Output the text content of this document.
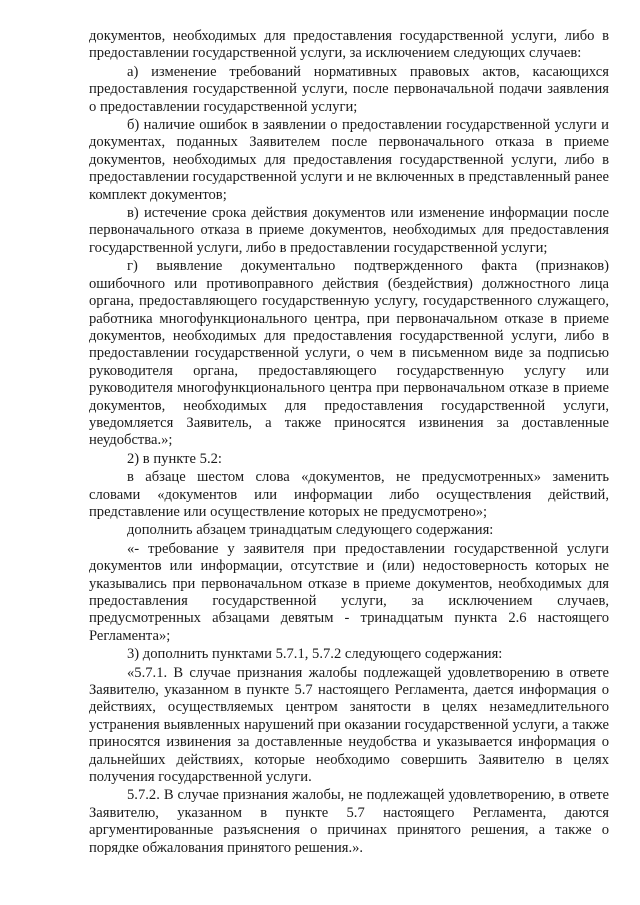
документов, необходимых для предоставления государственной услуги, либо в предоставлении государственной услуги, за исключением следующих случаев:

а) изменение требований нормативных правовых актов, касающихся предоставления государственной услуги, после первоначальной подачи заявления о предоставлении государственной услуги;

б) наличие ошибок в заявлении о предоставлении государственной услуги и документах, поданных Заявителем после первоначального отказа в приеме документов, необходимых для предоставления государственной услуги, либо в предоставлении государственной услуги и не включенных в представленный ранее комплект документов;

в) истечение срока действия документов или изменение информации после первоначального отказа в приеме документов, необходимых для предоставления государственной услуги, либо в предоставлении государственной услуги;

г) выявление документально подтвержденного факта (признаков) ошибочного или противоправного действия (бездействия) должностного лица органа, предоставляющего государственную услугу, государственного служащего, работника многофункционального центра, при первоначальном отказе в приеме документов, необходимых для предоставления государственной услуги, либо в предоставлении государственной услуги, о чем в письменном виде за подписью руководителя органа, предоставляющего государственную услугу или руководителя многофункционального центра при первоначальном отказе в приеме документов, необходимых для предоставления государственной услуги, уведомляется Заявитель, а также приносятся извинения за доставленные неудобства.»;

2) в пункте 5.2:

в абзаце шестом слова «документов, не предусмотренных» заменить словами «документов или информации либо осуществления действий, представление или осуществление которых не предусмотрено»;

дополнить абзацем тринадцатым следующего содержания:

«- требование у заявителя при предоставлении государственной услуги документов или информации, отсутствие и (или) недостоверность которых не указывались при первоначальном отказе в приеме документов, необходимых для предоставления государственной услуги, за исключением случаев, предусмотренных абзацами девятым - тринадцатым пункта 2.6 настоящего Регламента»;

3) дополнить пунктами 5.7.1, 5.7.2 следующего содержания:

«5.7.1. В случае признания жалобы подлежащей удовлетворению в ответе Заявителю, указанном в пункте 5.7 настоящего Регламента, дается информация о действиях, осуществляемых центром занятости в целях незамедлительного устранения выявленных нарушений при оказании государственной услуги, а также приносятся извинения за доставленные неудобства и указывается информация о дальнейших действиях, которые необходимо совершить Заявителю в целях получения государственной услуги.

5.7.2. В случае признания жалобы, не подлежащей удовлетворению, в ответе Заявителю, указанном в пункте 5.7 настоящего Регламента, даются аргументированные разъяснения о причинах принятого решения, а также о порядке обжалования принятого решения.».
